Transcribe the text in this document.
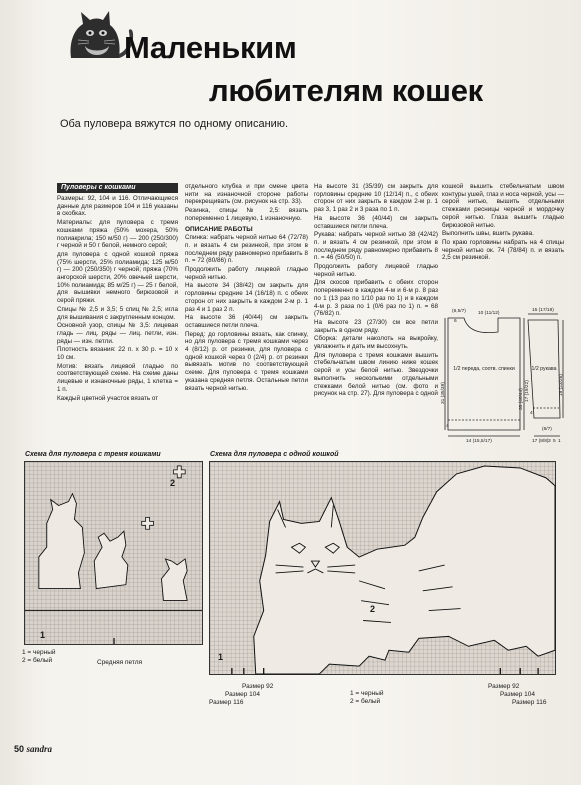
Маленьким
любителям кошек
Оба пуловера вяжутся по одному описанию.
Пуловеры с кошками

Размеры: 92, 104 и 116. Отличающиеся данные для размеров 104 и 116 указаны в скобках.

Материалы: для пуловера с тремя кошками пряжа (50% мохера, 50% полиакрила; 150 м/50 г) — 200 (250/300) г черной и 50 г белой, немного серой;

для пуловера с одной кошкой пряжа (75% шерсти, 25% полиамида; 125 м/50 г) — 200 (250/350) г черной; пряжа (70% ангорской шерсти, 20% овечьей шерсти, 10% полиамида; 85 м/25 г) — 25 г белой, для вышивки немного бирюзовой и серой пряжи.

Спицы № 2,5 и 3,5; 5 спиц № 2,5; игла для вышивания с закругленным концом.

Основной узор, спицы № 3,5: лицевая гладь — лиц. ряды — лиц. петли, изн. ряды — изн. петли.

Плотность вязания: 22 п. х 30 р. = 10 х 10 см.

Мотив: вязать лицевой гладью по соответствующей схеме. На схеме даны лицевые и изнаночные ряды, 1 клетка = 1 п.

Каждый цветной участок вязать от

отдельного клубка и при смене цвета нити на изнаночной стороне работы перекрещивать (см. рисунок на стр. 33).

Резинка, спицы № 2,5: вязать попеременно 1 лицевую, 1 изнаночную.

ОПИСАНИЕ РАБОТЫ

Спинка: набрать черной нитью 64 (72/78) п. и вязать 4 см резинкой, при этом в последнем ряду равномерно прибавить 8 п. = 72 (80/86) п.

Продолжить работу лицевой гладью черной нитью.

На высоте 34 (38/42) см закрыть для горловины средние 14 (16/18) п. с обеих сторон от них закрыть в каждом 2-м р. 1 раз 4 и 1 раз 2 п.

На высоте 36 (40/44) см закрыть оставшиеся петли плеча.

Перед: до горловины вязать, как спинку, но для пуловера с тремя кошками через 4 (8/12) р. от резинки, для пуловера с одной кошкой через 0 (2/4) р. от резинки вывязать мотив по соответствующей схеме. Для пуловера с тремя кошками указана средняя петля. Остальные петли вязать черной нитью.

На высоте 31 (35/39) см закрыть для горловины средние 10 (12/14) п., с обеих сторон от них закрыть в каждом 2-м р. 1 раз 3, 1 раз 2 и 3 раза по 1 п.

На высоте 36 (40/44) см закрыть оставшиеся петли плеча.

Рукава: набрать черной нитью 38 (42/42) п. и вязать 4 см резинкой, при этом в последнем ряду равномерно прибавить 8 п. = 46 (50/50) п.

Продолжить работу лицевой гладью черной нитью.

Для скосов прибавить с обеих сторон попеременно в каждом 4-м и 6-м р. 8 раз по 1 (13 раз по 1/10 раз по 1) и в каждом 4-м р. 3 раза по 1 (0/6 раз по 1) п. = 68 (76/82) п.

На высоте 23 (27/30) см все петли закрыть в одном ряду.

Сборка: детали наколоть на выкройку, увлажнить и дать им высохнуть.

Для пуловера с тремя кошками вышить стебельчатым швом линию ниже кошек серой и усы белой нитью. Звездочки выполнить несколькими отдельными стежками белой нитью (см. фото и рисунок на стр. 27). Для пуловера с одной

кошкой вышить стебельчатым швом контуры ушей, глаз и носа черной, усы — серой нитью, вышить отдельными стежками ресницы черной и мордочку серой нитью. Глаза вышить гладью бирюзовой нитью.

Выполнить швы, вшить рукава.

По краю горловины набрать на 4 спицы черной нитью ок. 74 (78/84) п. и вязать 2,5 см резинкой.

(6,5/7)
6
10 (11/12)
31 (35/39)	35 (40/44)
4
14 (15,5/17)
15 (17/18)
19 (23/26)
4
17 (19/22)
17 (8/8) 3 5 1
(6/7)
1/2 переда, соотв. спинки	1/2 рукава
Схема для пуловера с тремя кошками	Схема для пуловера с одной кошкой
2
1
1 = черный
2 = белый	Средняя петля
2
1
Размер 92
Размер 104
Размер 116
1 = черный
2 = белый
Размер 92
Размер 104
Размер 116
50 sandra
